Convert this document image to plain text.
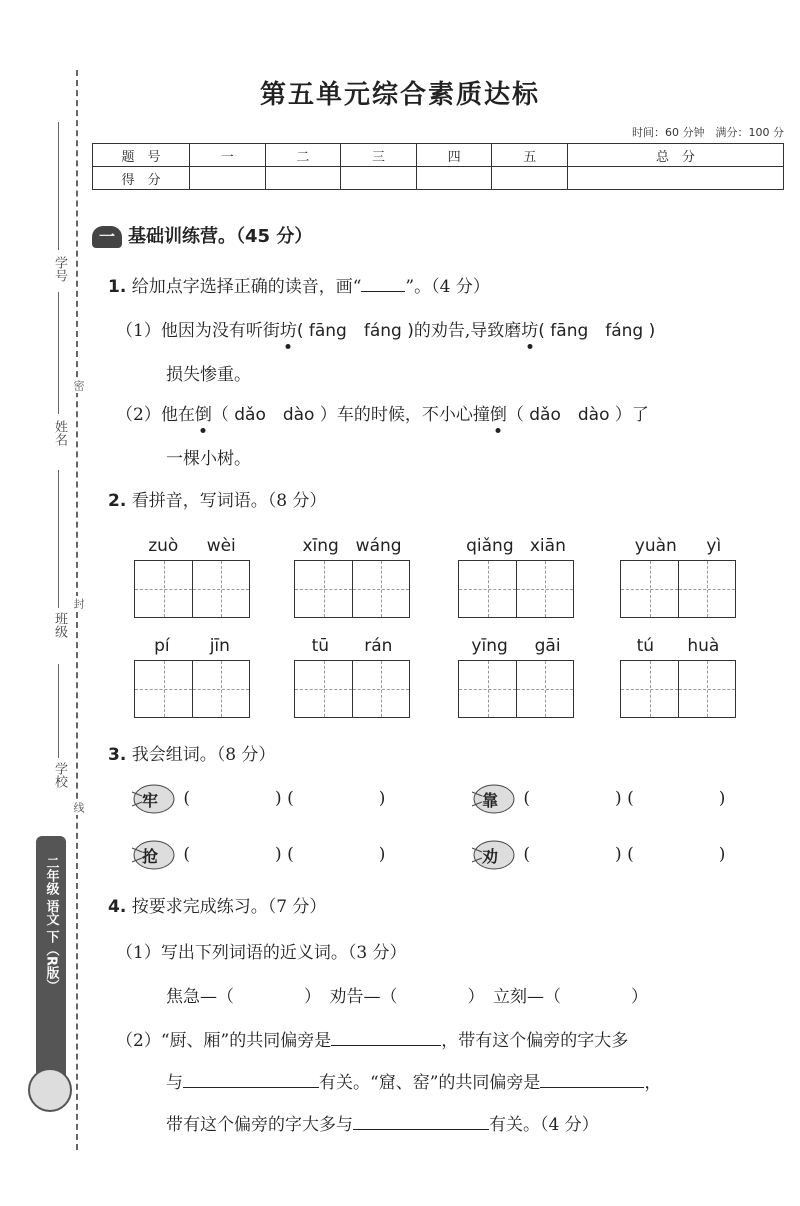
密
封
线
学号
姓名
班级
学校
二年级 语文 下（R版）
第五单元综合素质达标
时间：60 分钟　满分：100 分
题　号	一	二	三	四	五	总　分
得　分						
一 基础训练营。（45 分）
1. 给加点字选择正确的读音，画“	”。（4 分）
（1）他因为没有听街坊( fāng　fáng )的劝告,导致磨坊( fāng　fáng )
损失惨重。
（2）他在倒（ dǎo　dào ）车的时候，不小心撞倒（ dǎo　dào ）了
一棵小树。
2. 看拼音，写词语。（8 分）
zuò wèi	xīng wáng	qiǎng xiān	yuàn yì
pí jīn	tū rán	yīng gāi	tú huà
3. 我会组词。（8 分）
牢 (　　　　　) (　　　　　)	靠 (　　　　　) (　　　　　)
抢 (　　　　　) (　　　　　)	劝 (　　　　　) (　　　　　)
4. 按要求完成练习。（7 分）
（1）写出下列词语的近义词。（3 分）
焦急—（	）　劝告—（	）　立刻—（	）
（2）“厨、厢”的共同偏旁是	，带有这个偏旁的字大多
与	有关。“窟、窑”的共同偏旁是	，
带有这个偏旁的字大多与	有关。（4 分）
